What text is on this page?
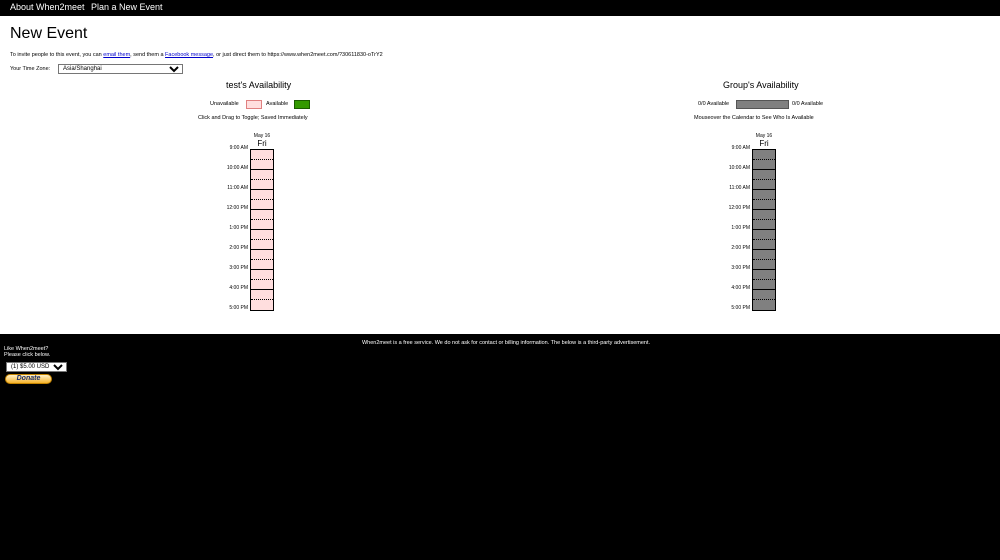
About When2meet Plan a New Event
New Event
To invite people to this event, you can email them, send them a Facebook message, or just direct them to https://www.when2meet.com/?30611830-oTrY2
Your Time Zone:
Asia/Shanghai
test's Availability
Unavailable	Available
Click and Drag to Toggle; Saved Immediately
May 16
Fri
9:00 AM
10:00 AM
11:00 AM
12:00 PM
1:00 PM
2:00 PM
3:00 PM
4:00 PM
5:00 PM
Group's Availability
0/0 Available	0/0 Available
Mouseover the Calendar to See Who Is Available
May 16
Fri
9:00 AM
10:00 AM
11:00 AM
12:00 PM
1:00 PM
2:00 PM
3:00 PM
4:00 PM
5:00 PM
When2meet is a free service. We do not ask for contact or billing information. The below is a third-party advertisement.
Like When2meet?
Please click below.
(1) $5.00 USD
Donate
